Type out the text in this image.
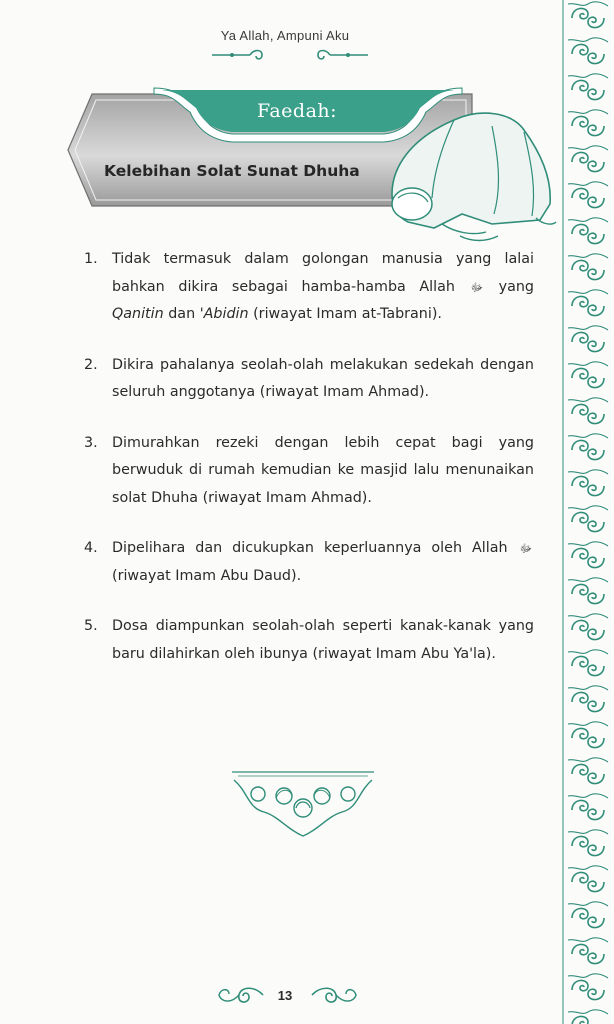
Ya Allah, Ampuni Aku
Faedah:
Kelebihan Solat Sunat Dhuha
1. Tidak termasuk dalam golongan manusia yang lalai bahkan dikira sebagai hamba-hamba Allah ﷻ yang Qanitin dan 'Abidin (riwayat Imam at-Tabrani).
2. Dikira pahalanya seolah-olah melakukan sedekah dengan seluruh anggotanya (riwayat Imam Ahmad).
3. Dimurahkan rezeki dengan lebih cepat bagi yang berwuduk di rumah kemudian ke masjid lalu menunaikan solat Dhuha (riwayat Imam Ahmad).
4. Dipelihara dan dicukupkan keperluannya oleh Allah ﷻ (riwayat Imam Abu Daud).
5. Dosa diampunkan seolah-olah seperti kanak-kanak yang baru dilahirkan oleh ibunya (riwayat Imam Abu Ya'la).
13
